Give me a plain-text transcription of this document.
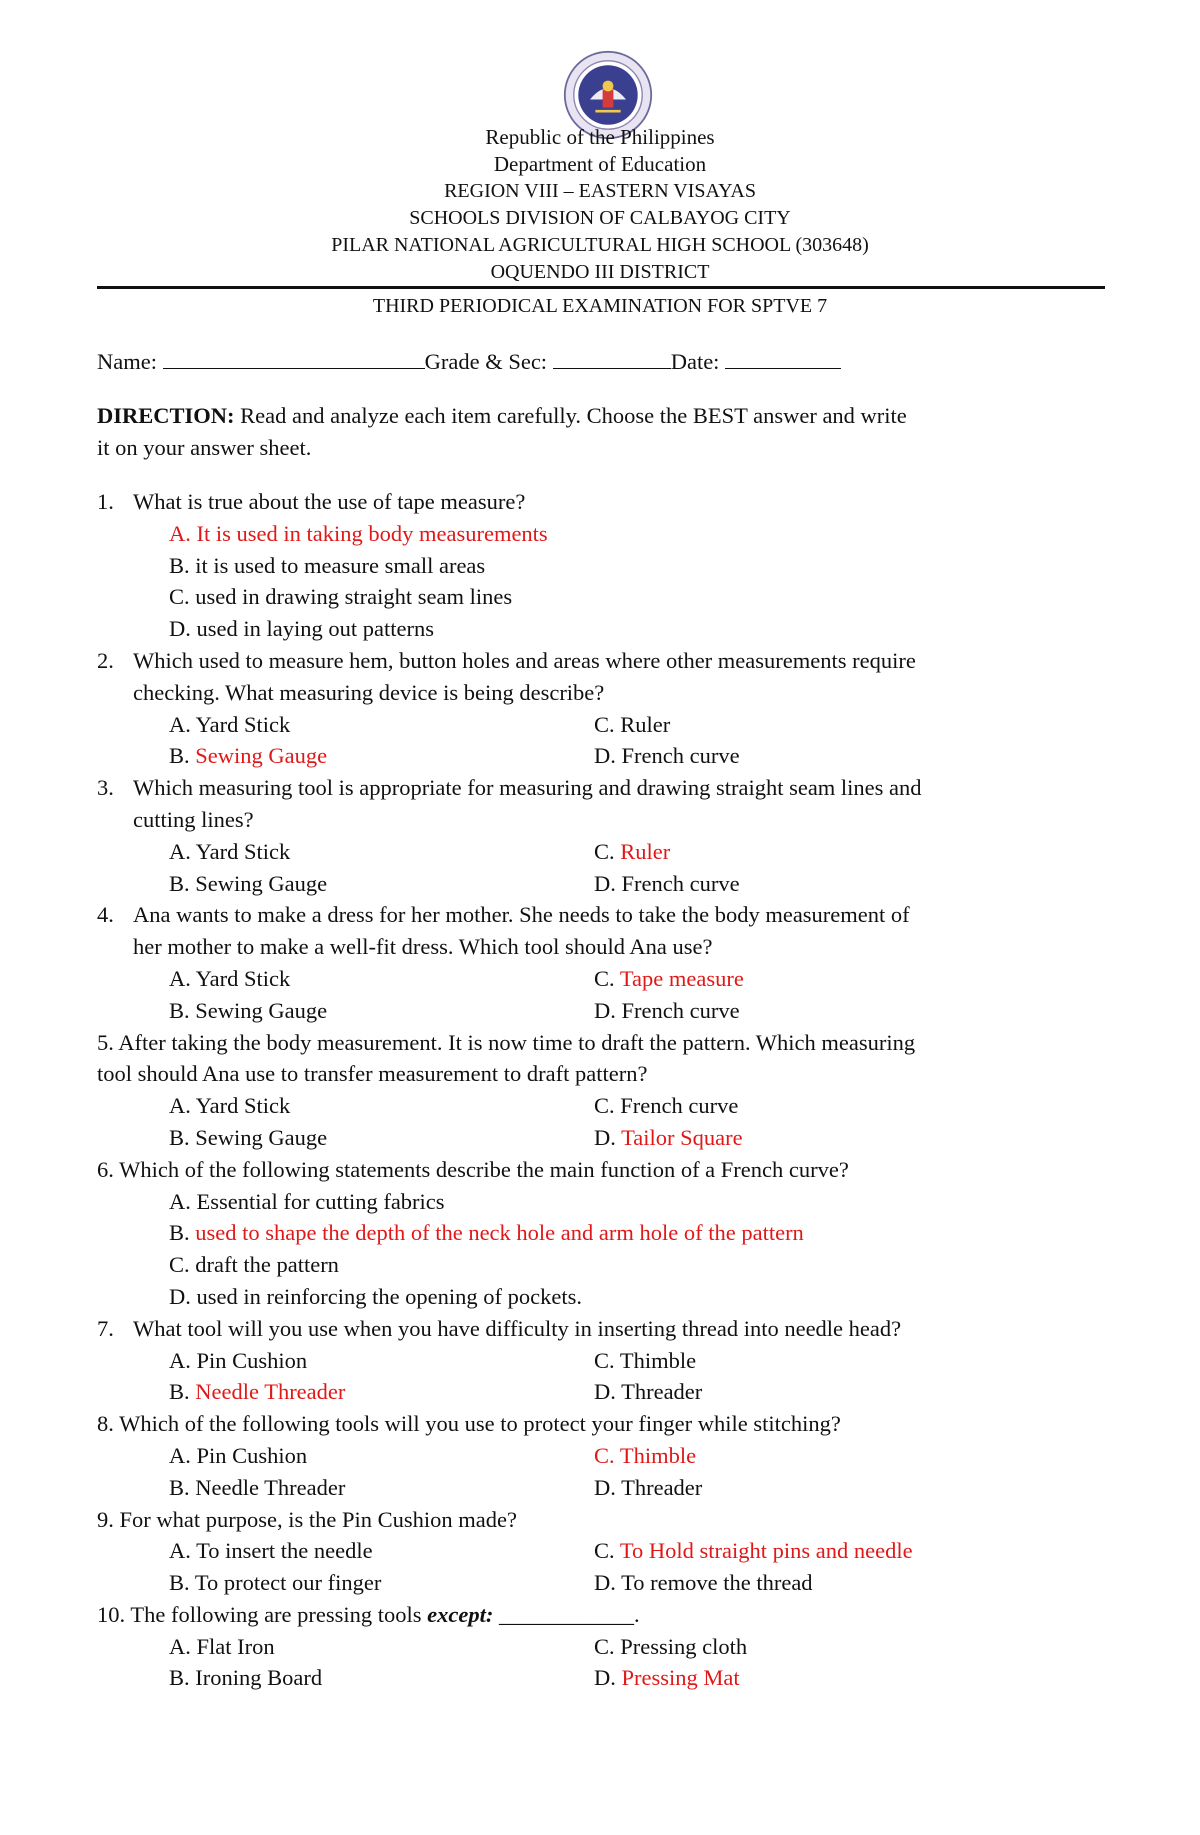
Republic of the Philippines
Department of Education
REGION VIII – EASTERN VISAYAS
SCHOOLS DIVISION OF CALBAYOG CITY
PILAR NATIONAL AGRICULTURAL HIGH SCHOOL (303648)
OQUENDO III DISTRICT
THIRD PERIODICAL EXAMINATION FOR SPTVE 7
Name:	Grade & Sec:	Date:
DIRECTION: Read and analyze each item carefully. Choose the BEST answer and write
it on your answer sheet.
1. What is true about the use of tape measure?
A. It is used in taking body measurements
B. it is used to measure small areas
C. used in drawing straight seam lines
D. used in laying out patterns
2. Which used to measure hem, button holes and areas where other measurements require
checking. What measuring device is being describe?
A. Yard Stick	C. Ruler
B. Sewing Gauge	D. French curve
3. Which measuring tool is appropriate for measuring and drawing straight seam lines and
cutting lines?
A. Yard Stick	C. Ruler
B. Sewing Gauge	D. French curve
4. Ana wants to make a dress for her mother. She needs to take the body measurement of
her mother to make a well-fit dress. Which tool should Ana use?
A. Yard Stick	C. Tape measure
B. Sewing Gauge	D. French curve
5. After taking the body measurement. It is now time to draft the pattern. Which measuring
tool should Ana use to transfer measurement to draft pattern?
A. Yard Stick	C. French curve
B. Sewing Gauge	D. Tailor Square
6. Which of the following statements describe the main function of a French curve?
A. Essential for cutting fabrics
B. used to shape the depth of the neck hole and arm hole of the pattern
C. draft the pattern
D. used in reinforcing the opening of pockets.
7. What tool will you use when you have difficulty in inserting thread into needle head?
A. Pin Cushion	C. Thimble
B. Needle Threader	D. Threader
8. Which of the following tools will you use to protect your finger while stitching?
A. Pin Cushion	C. Thimble
B. Needle Threader	D. Threader
9. For what purpose, is the Pin Cushion made?
A. To insert the needle	C. To Hold straight pins and needle
B. To protect our finger	D. To remove the thread
10. The following are pressing tools except: ____________.
A. Flat Iron	C. Pressing cloth
B. Ironing Board	D. Pressing Mat
